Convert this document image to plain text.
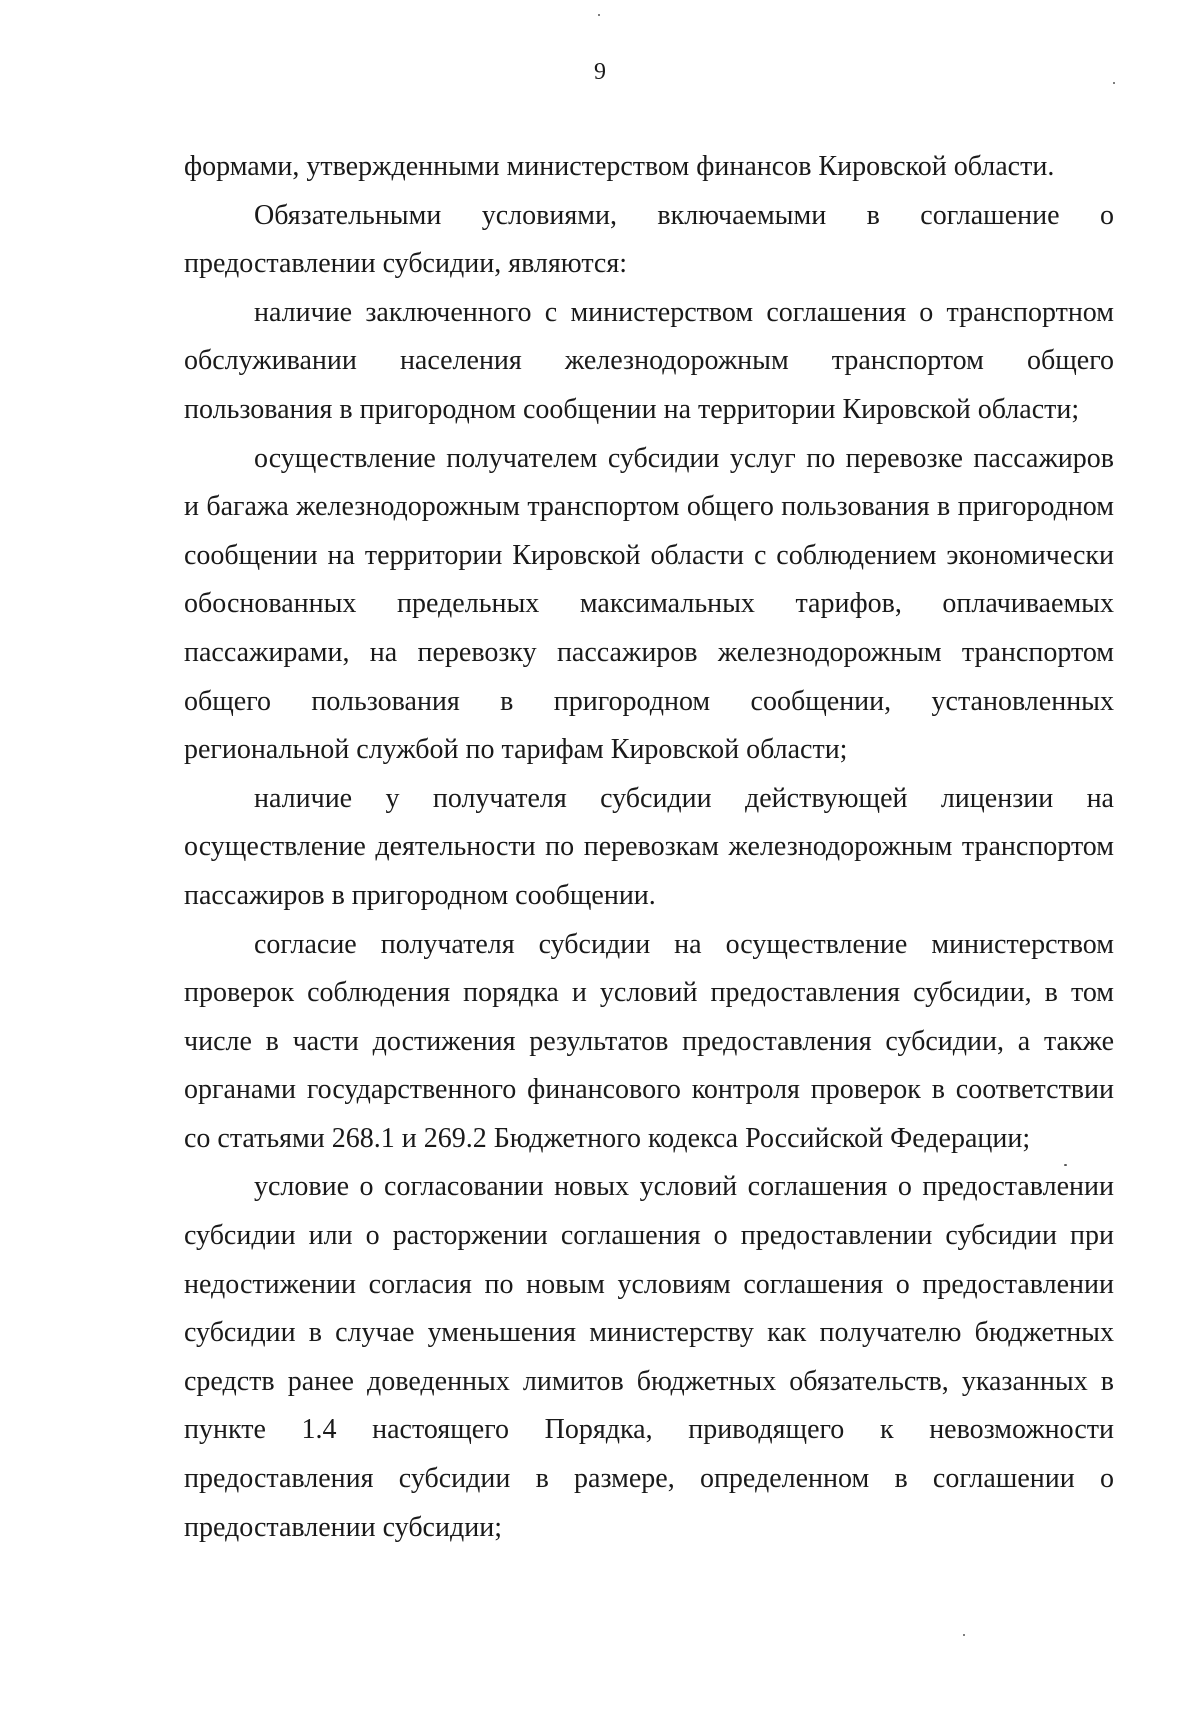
9

формами, утвержденными министерством финансов Кировской области.

Обязательными условиями, включаемыми в соглашение о предоставлении субсидии, являются:

наличие заключенного с министерством соглашения о транспортном обслуживании населения железнодорожным транспортом общего пользования в пригородном сообщении на территории Кировской области;

осуществление получателем субсидии услуг по перевозке пассажиров и багажа железнодорожным транспортом общего пользования в пригородном сообщении на территории Кировской области с соблюдением экономически обоснованных предельных максимальных тарифов, оплачиваемых пассажирами, на перевозку пассажиров железнодорожным транспортом общего пользования в пригородном сообщении, установленных региональной службой по тарифам Кировской области;

наличие у получателя субсидии действующей лицензии на осуществление деятельности по перевозкам железнодорожным транспортом пассажиров в пригородном сообщении.

согласие получателя субсидии на осуществление министерством проверок соблюдения порядка и условий предоставления субсидии, в том числе в части достижения результатов предоставления субсидии, а также органами государственного финансового контроля проверок в соответствии со статьями 268.1 и 269.2 Бюджетного кодекса Российской Федерации;

условие о согласовании новых условий соглашения о предоставлении субсидии или о расторжении соглашения о предоставлении субсидии при недостижении согласия по новым условиям соглашения о предоставлении субсидии в случае уменьшения министерству как получателю бюджетных средств ранее доведенных лимитов бюджетных обязательств, указанных в пункте 1.4 настоящего Порядка, приводящего к невозможности предоставления субсидии в размере, определенном в соглашении о предоставлении субсидии;
